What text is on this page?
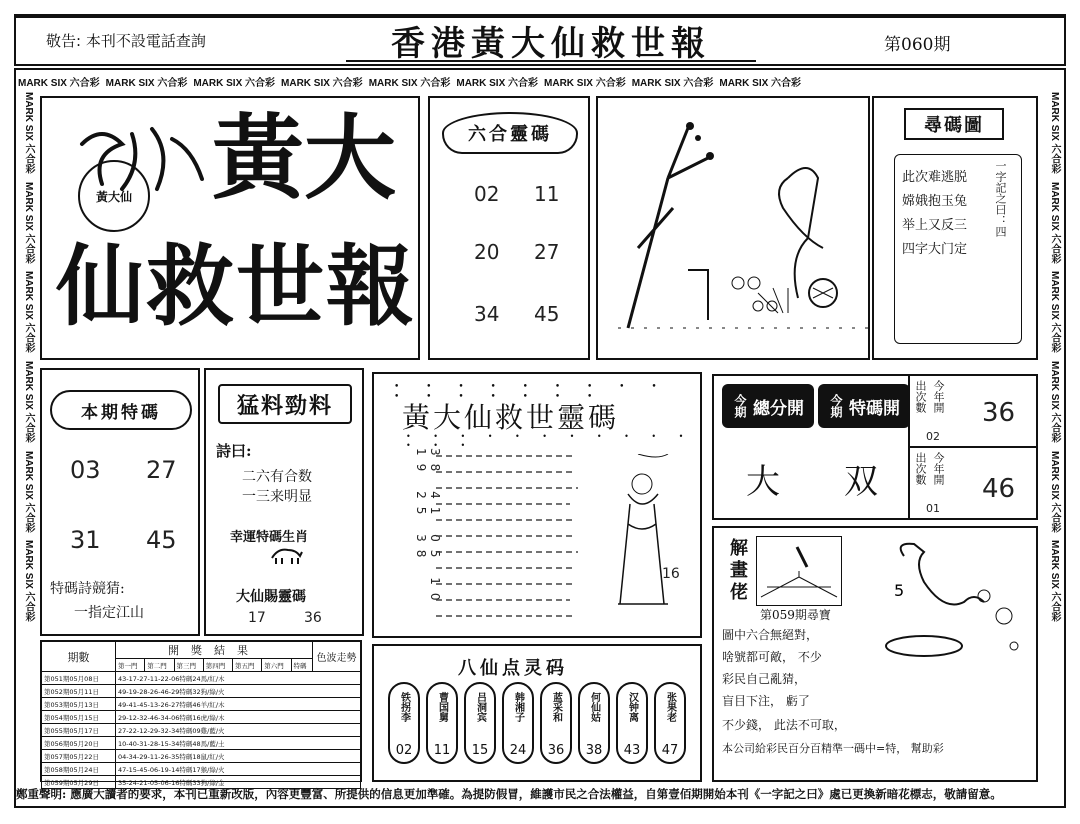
敬告: 本刊不設電話查詢	香港黃大仙救世報	第060期
MARK SIX 六合彩 MARK SIX 六合彩 MARK SIX 六合彩 MARK SIX 六合彩 MARK SIX 六合彩 MARK SIX 六合彩 MARK SIX 六合彩 MARK SIX 六合彩 MARK SIX 六合彩
MARK SIX 六合彩MARK SIX 六合彩MARK SIX 六合彩MARK SIX 六合彩MARK SIX 六合彩MARK SIX 六合彩
MARK SIX 六合彩MARK SIX 六合彩MARK SIX 六合彩MARK SIX 六合彩MARK SIX 六合彩MARK SIX 六合彩
黃大仙 黃大
仙救世報
六合靈碼
02 11
20 27
34 45
尋碼圖
此次难逃脱
嫦娥抱玉兔
举上又反三
四字大门定
一字記之曰：四
本期特碼
03 27
31 45
特碼詩競猜:
一指定江山
猛料勁料
詩曰:
二六有合数
一三来明显
幸運特碼生肖
大仙賜靈碼
17	36
• • • • • • • • • • • • • • • •
黃大仙救世靈碼
• • • • • • • • • • • • • •
38 41 05 10 19 25 38
16
今期 總分開 今期 特碼開
大 双
出次數 今年開
02
36
出次數 今年開
01
46
期數	開獎結果							色波走勢
	第一門	第二門	第三門	第四門	第五門	第六門	特碼	
第051期05月08日	43-17-27-11-22-06特碼24馬/紅/木							
第052期05月11日	49-19-28-26-46-29特碼32狗/綠/火							
第053期05月13日	49-41-45-13-26-27特碼46羊/紅/木							
第054期05月15日	29-12-32-46-34-06特碼16虎/綠/木							
第055期05月17日	27-22-12-29-32-34特碼09雞/藍/火							
第056期05月20日	10-40-31-28-15-34特碼48馬/藍/土							
第057期05月22日	04-34-29-11-26-35特碼18鼠/紅/火							
第058期05月24日	47-15-45-06-19-14特碼17猴/綠/火							
第059期05月29日	35-24-21-05-06-16特碼33狗/綠/金							
八仙点灵码
铁拐李
02
曹国舅
11
吕洞宾
15
韩湘子
24
蓝采和
36
何仙姑
38
汉钟离
43
张果老
47
解畫佬	5
第059期尋寶
圖中六合無絕對，
啥號都可敵， 不少
彩民自己亂猜，
盲目下注， 虧了
不少錢， 此法不可取，
本公司給彩民百分百精準一碼中=特， 幫助彩
鄭重聲明: 應廣大讀者的要求，本刊已重新改版，內容更豐富、所提供的信息更加準確。為提防假冒，維護市民之合法權益，自第壹佰期開始本刊《一字記之曰》處已更換新暗花標志，敬請留意。
